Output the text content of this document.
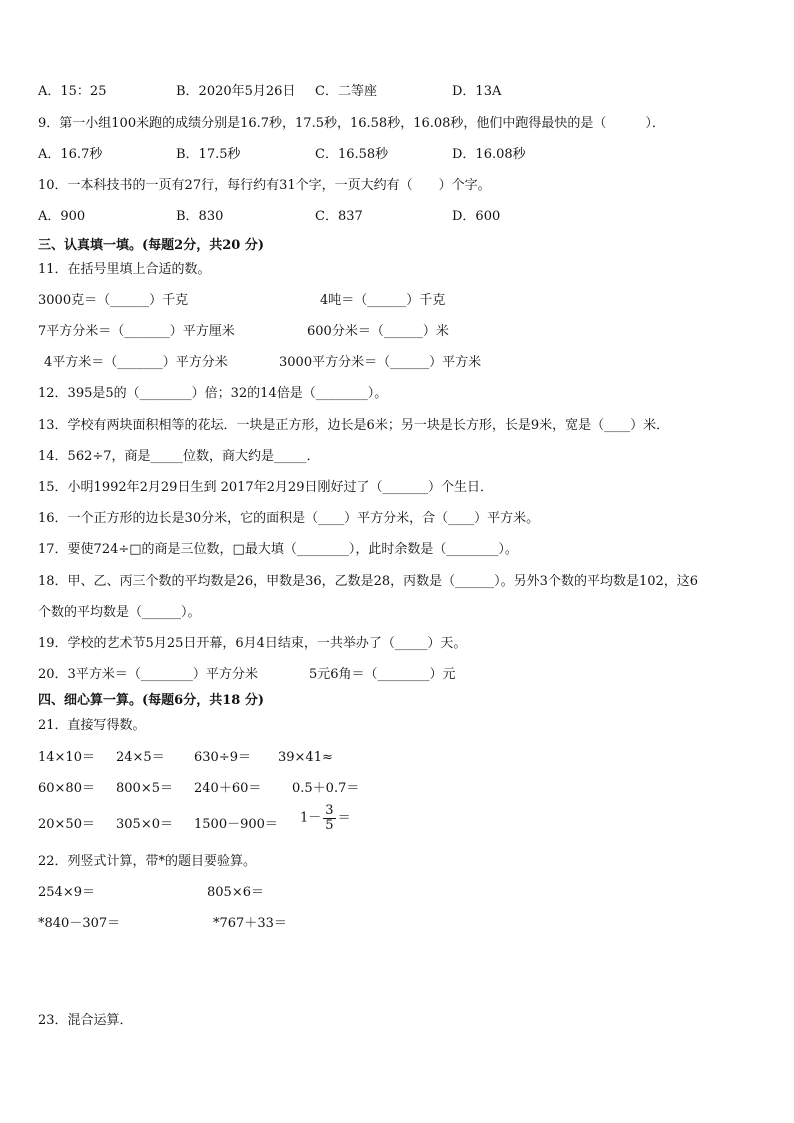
A．15：25	B．2020年5月26日 C．二等座	D．13A
9．第一小组100米跑的成绩分别是16.7秒，17.5秒，16.58秒，16.08秒，他们中跑得最快的是（　　　）．
A．16.7秒	B．17.5秒	C．16.58秒	D．16.08秒
10．一本科技书的一页有27行，每行约有31个字，一页大约有（　　）个字。
A．900	B．830	C．837	D．600
三、认真填一填。(每题2分，共20 分)
11．在括号里填上合适的数。
3000克＝（______）千克	4吨＝（______）千克
7平方分米＝（_______）平方厘米	600分米＝（______）米
4平方米＝（_______）平方分米	3000平方分米＝（______）平方米
12．395是5的（________）倍；32的14倍是（________）。
13．学校有两块面积相等的花坛．一块是正方形，边长是6米；另一块是长方形，长是9米，宽是（____）米．
14．562÷7，商是_____位数，商大约是_____．
15．小明1992年2月29日生到 2017年2月29日刚好过了（_______）个生日．
16．一个正方形的边长是30分米，它的面积是（____）平方分米，合（____）平方米。
17．要使724÷□的商是三位数，□最大填（________），此时余数是（________）。
18．甲、乙、丙三个数的平均数是26，甲数是36，乙数是28，丙数是（______）。另外3个数的平均数是102，这6
个数的平均数是（______）。
19．学校的艺术节5月25日开幕，6月4日结束，一共举办了（_____）天。
20．3平方米＝（________）平方分米	5元6角＝（________）元
四、细心算一算。(每题6分，共18 分)
21．直接写得数。
14×10＝ 24×5＝ 630÷9＝ 39×41≈
60×80＝ 800×5＝ 240＋60＝ 0.5＋0.7＝
$20\times 50= 305\times 0= 1500-900= 1- \frac{3}{5}$ ＝
22．列竖式计算，带*的题目要验算。
254×9＝	805×6＝
*840－307＝	*767＋33＝
23．混合运算．
